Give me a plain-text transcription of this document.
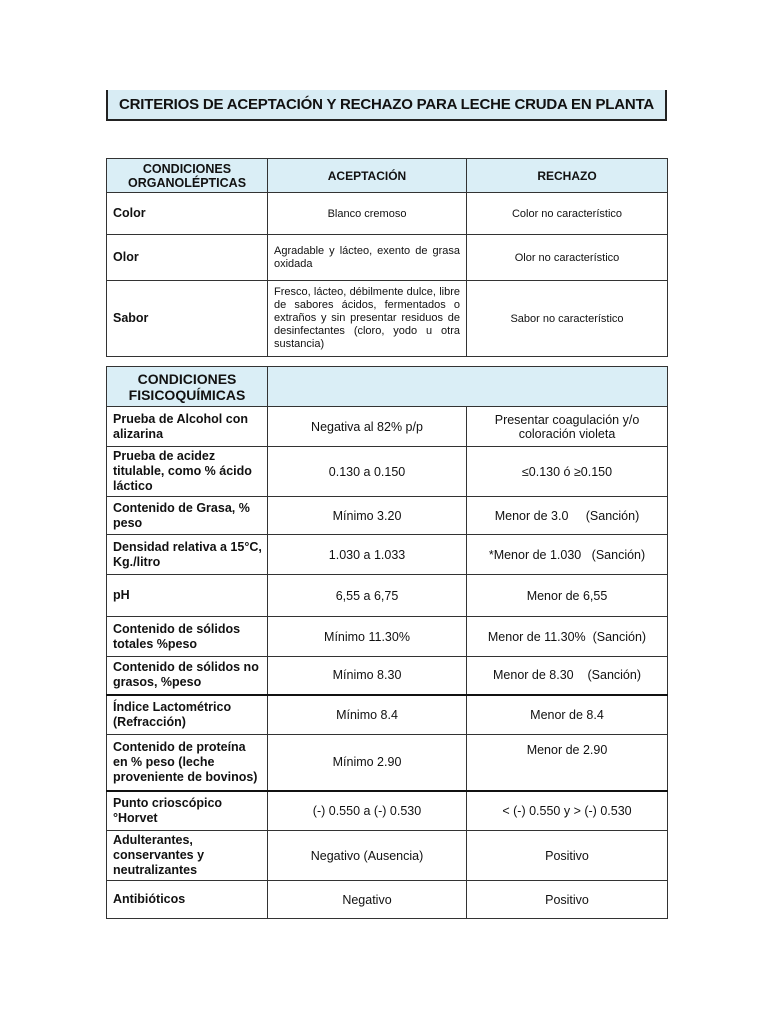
CRITERIOS DE ACEPTACIÓN Y RECHAZO PARA LECHE CRUDA EN PLANTA
CONDICIONES ORGANOLÉPTICAS	ACEPTACIÓN	RECHAZO
Color	Blanco cremoso	Color no característico
Olor	Agradable y lácteo, exento de grasa oxidada	Olor no característico
Sabor	Fresco, lácteo, débilmente dulce, libre de sabores ácidos, fermentados o extraños y sin presentar residuos de desinfectantes (cloro, yodo u otra sustancia)	Sabor no característico
CONDICIONES FISICOQUÍMICAS		
Prueba de Alcohol con alizarina	Negativa al 82% p/p	Presentar coagulación y/o coloración violeta
Prueba de acidez titulable, como % ácido láctico	0.130 a 0.150	≤0.130 ó ≥0.150
Contenido de Grasa, % peso	Mínimo 3.20	Menor de 3.0     (Sanción)
Densidad relativa a 15°C, Kg./litro	1.030 a 1.033	*Menor de 1.030   (Sanción)
pH	6,55 a 6,75	Menor de 6,55
Contenido de sólidos totales %peso	Mínimo 11.30%	Menor de 11.30%  (Sanción)
Contenido de sólidos no grasos, %peso	Mínimo 8.30	Menor de 8.30    (Sanción)
Índice Lactométrico (Refracción)	Mínimo 8.4	Menor de 8.4
Contenido de proteína en % peso (leche proveniente de bovinos)	Mínimo 2.90	Menor de 2.90
Punto crioscópico °Horvet	(-) 0.550 a (-) 0.530	< (-) 0.550 y > (-) 0.530
Adulterantes, conservantes y neutralizantes	Negativo (Ausencia)	Positivo
Antibióticos	Negativo	Positivo
